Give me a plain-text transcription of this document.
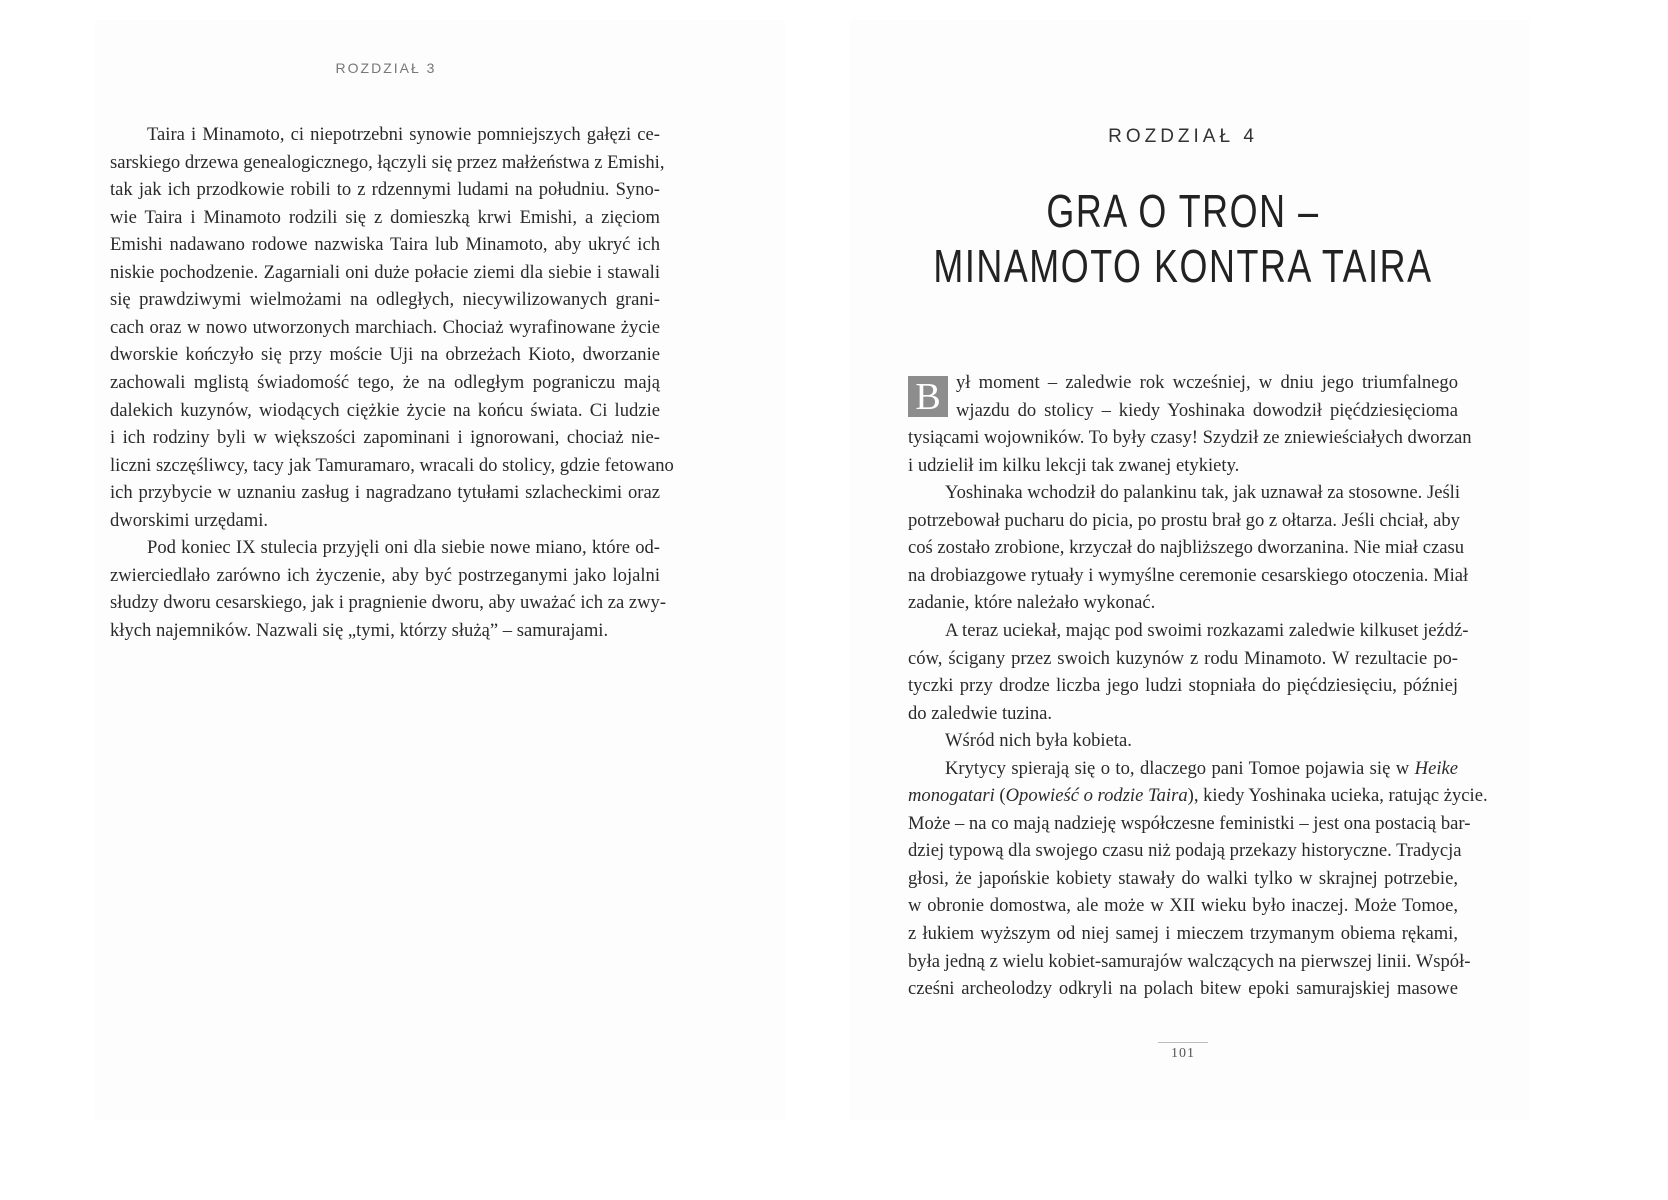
ROZDZIAŁ 3
Taira i Minamoto, ci niepotrzebni synowie pomniejszych gałęzi ce-
sarskiego drzewa genealogicznego, łączyli się przez małżeństwa z Emishi,
tak jak ich przodkowie robili to z rdzennymi ludami na południu. Syno-
wie Taira i Minamoto rodzili się z domieszką krwi Emishi, a zięciom
Emishi nadawano rodowe nazwiska Taira lub Minamoto, aby ukryć ich
niskie pochodzenie. Zagarniali oni duże połacie ziemi dla siebie i stawali
się prawdziwymi wielmożami na odległych, niecywilizowanych grani-
cach oraz w nowo utworzonych marchiach. Chociaż wyrafinowane życie
dworskie kończyło się przy moście Uji na obrzeżach Kioto, dworzanie
zachowali mglistą świadomość tego, że na odległym pograniczu mają
dalekich kuzynów, wiodących ciężkie życie na końcu świata. Ci ludzie
i ich rodziny byli w większości zapominani i ignorowani, chociaż nie-
liczni szczęśliwcy, tacy jak Tamuramaro, wracali do stolicy, gdzie fetowano
ich przybycie w uznaniu zasług i nagradzano tytułami szlacheckimi oraz
dworskimi urzędami.
Pod koniec IX stulecia przyjęli oni dla siebie nowe miano, które od-
zwierciedlało zarówno ich życzenie, aby być postrzeganymi jako lojalni
słudzy dworu cesarskiego, jak i pragnienie dworu, aby uważać ich za zwy-
kłych najemników. Nazwali się „tymi, którzy służą” – samurajami.
ROZDZIAŁ 4
GRA O TRON –
MINAMOTO KONTRA TAIRA
B ył moment – zaledwie rok wcześniej, w dniu jego triumfalnego
wjazdu do stolicy – kiedy Yoshinaka dowodził pięćdziesięcioma
tysiącami wojowników. To były czasy! Szydził ze zniewieściałych dworzan
i udzielił im kilku lekcji tak zwanej etykiety.
Yoshinaka wchodził do palankinu tak, jak uznawał za stosowne. Jeśli
potrzebował pucharu do picia, po prostu brał go z ołtarza. Jeśli chciał, aby
coś zostało zrobione, krzyczał do najbliższego dworzanina. Nie miał czasu
na drobiazgowe rytuały i wymyślne ceremonie cesarskiego otoczenia. Miał
zadanie, które należało wykonać.
A teraz uciekał, mając pod swoimi rozkazami zaledwie kilkuset jeźdź-
ców, ścigany przez swoich kuzynów z rodu Minamoto. W rezultacie po-
tyczki przy drodze liczba jego ludzi stopniała do pięćdziesięciu, później
do zaledwie tuzina.
Wśród nich była kobieta.
Krytycy spierają się o to, dlaczego pani Tomoe pojawia się w Heike
monogatari (Opowieść o rodzie Taira), kiedy Yoshinaka ucieka, ratując życie.
Może – na co mają nadzieję współczesne feministki – jest ona postacią bar-
dziej typową dla swojego czasu niż podają przekazy historyczne. Tradycja
głosi, że japońskie kobiety stawały do walki tylko w skrajnej potrzebie,
w obronie domostwa, ale może w XII wieku było inaczej. Może Tomoe,
z łukiem wyższym od niej samej i mieczem trzymanym obiema rękami,
była jedną z wielu kobiet-samurajów walczących na pierwszej linii. Współ-
cześni archeolodzy odkryli na polach bitew epoki samurajskiej masowe
101
